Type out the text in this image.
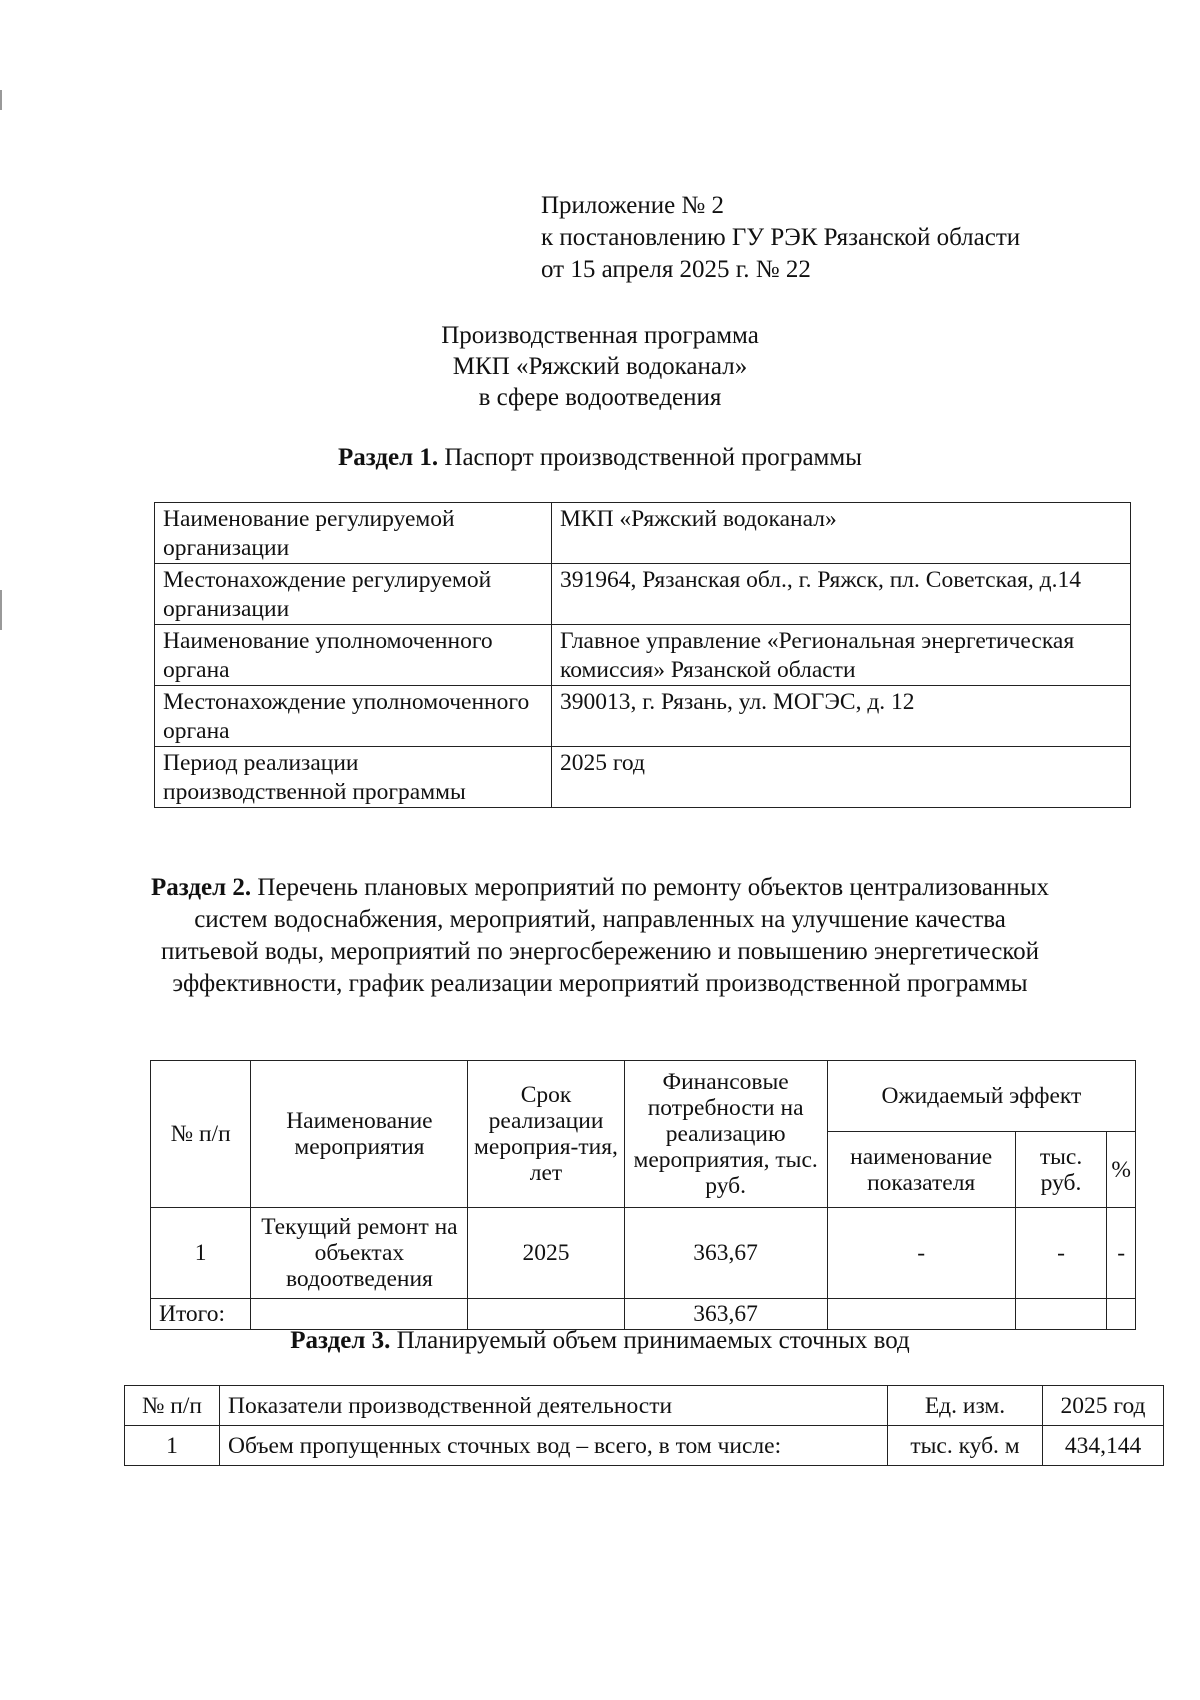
Приложение № 2
к постановлению ГУ РЭК Рязанской области
от 15 апреля 2025 г. № 22
Производственная программа
МКП «Ряжский водоканал»
в сфере водоотведения
Раздел 1. Паспорт производственной программы
Наименование регулируемой организации	МКП «Ряжский водоканал»
Местонахождение регулируемой организации	391964, Рязанская обл., г. Ряжск, пл. Советская, д.14
Наименование уполномоченного органа	Главное управление «Региональная энергетическая комиссия» Рязанской области
Местонахождение уполномоченного органа	390013, г. Рязань, ул. МОГЭС, д. 12
Период реализации производственной программы	2025 год
Раздел 2. Перечень плановых мероприятий по ремонту объектов централизованных систем водоснабжения, мероприятий, направленных на улучшение качества питьевой воды, мероприятий по энергосбережению и повышению энергетической эффективности, график реализации мероприятий производственной программы
№ п/п	Наименование мероприятия	Срок реализации мероприя-тия, лет	Финансовые потребности на реализацию мероприятия, тыс. руб.	Ожидаемый эффект		
				наименование показателя	тыс. руб.	%
1	Текущий ремонт на объектах водоотведения	2025	363,67	-	-	-
Итого:			363,67			
Раздел 3. Планируемый объем принимаемых сточных вод
№ п/п	Показатели производственной деятельности	Ед. изм.	2025 год
1	Объем пропущенных сточных вод – всего, в том числе:	тыс. куб. м	434,144
